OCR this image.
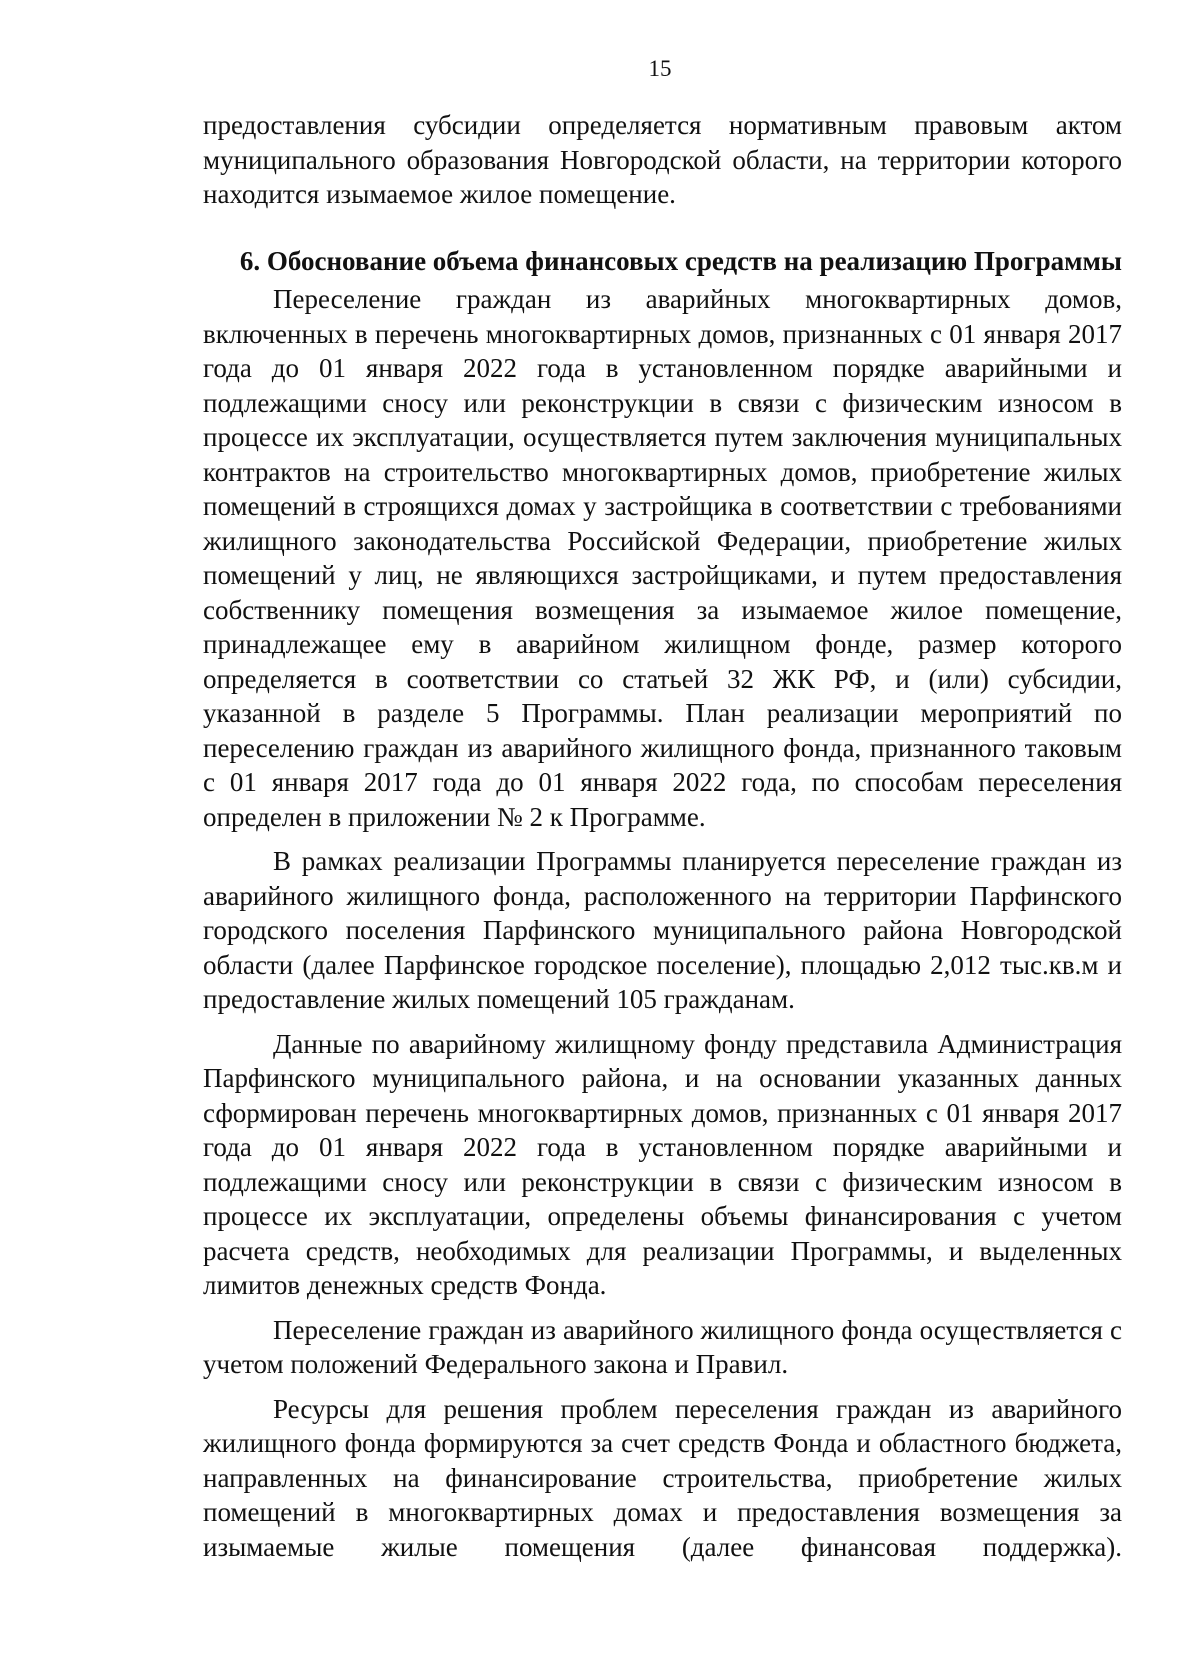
15
предоставления субсидии определяется нормативным правовым актом муниципального образования Новгородской области, на территории которого находится изымаемое жилое помещение.
6. Обоснование объема финансовых средств на реализацию Программы

Переселение граждан из аварийных многоквартирных домов, включенных в перечень многоквартирных домов, признанных с 01 января 2017 года до 01 января 2022 года в установленном порядке аварийными и подлежащими сносу или реконструкции в связи с физическим износом в процессе их эксплуатации, осуществляется путем заключения муниципальных контрактов на строительство многоквартирных домов, приобретение жилых помещений в строящихся домах у застройщика в соответствии с требованиями жилищного законодательства Российской Федерации, приобретение жилых помещений у лиц, не являющихся застройщиками, и путем предоставления собственнику помещения возмещения за изымаемое жилое помещение, принадлежащее ему в аварийном жилищном фонде, размер которого определяется в соответствии со статьей 32 ЖК РФ, и (или) субсидии, указанной в разделе 5 Программы. План реализации мероприятий по переселению граждан из аварийного жилищного фонда, признанного таковым с 01 января 2017 года до 01 января 2022 года, по способам переселения определен в приложении № 2 к Программе.

В рамках реализации Программы планируется переселение граждан из аварийного жилищного фонда, расположенного на территории Парфинского городского поселения Парфинского муниципального района Новгородской области (далее Парфинское городское поселение), площадью 2,012 тыс.кв.м и предоставление жилых помещений 105 гражданам.

Данные по аварийному жилищному фонду представила Администрация Парфинского муниципального района, и на основании указанных данных сформирован перечень многоквартирных домов, признанных с 01 января 2017 года до 01 января 2022 года в установленном порядке аварийными и подлежащими сносу или реконструкции в связи с физическим износом в процессе их эксплуатации, определены объемы финансирования с учетом расчета средств, необходимых для реализации Программы, и выделенных лимитов денежных средств Фонда.

Переселение граждан из аварийного жилищного фонда осуществляется с учетом положений Федерального закона и Правил.

Ресурсы для решения проблем переселения граждан из аварийного жилищного фонда формируются за счет средств Фонда и областного бюджета, направленных на финансирование строительства, приобретение жилых помещений в многоквартирных домах и предоставления возмещения за изымаемые жилые помещения (далее финансовая поддержка).
